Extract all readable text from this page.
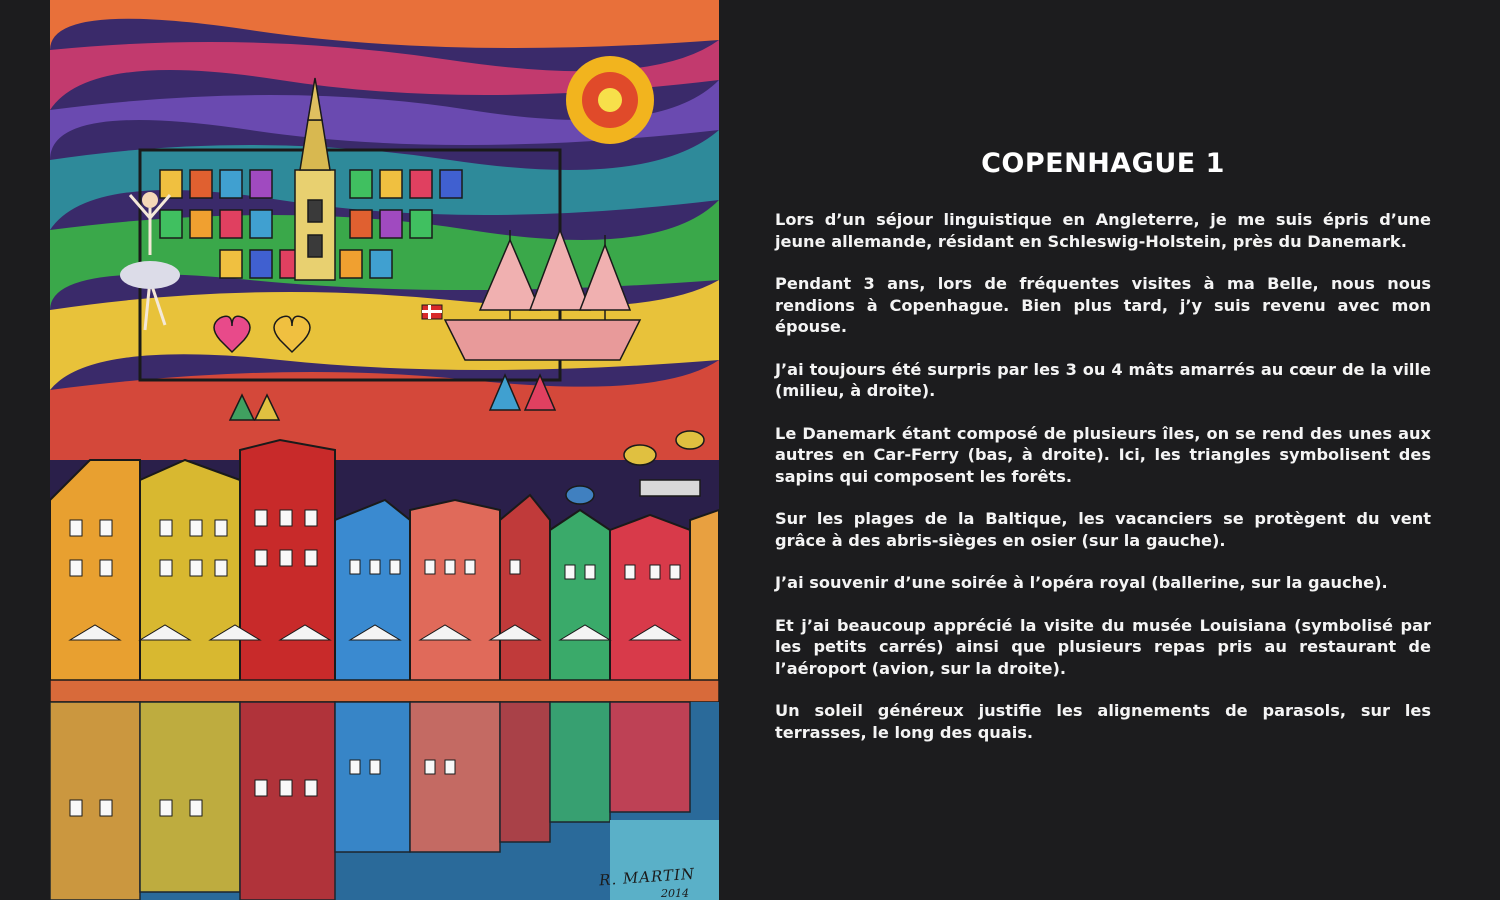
R. MARTIN
2014
COPENHAGUE 1

Lors d’un séjour linguistique en Angleterre, je me suis épris d’une jeune allemande, résidant en Schleswig-Holstein, près du Danemark.

Pendant 3 ans, lors de fréquentes visites à ma Belle, nous nous rendions à Copenhague. Bien plus tard, j’y suis revenu avec mon épouse.

J’ai toujours été surpris par les 3 ou 4 mâts amarrés au cœur de la ville (milieu, à droite).

Le Danemark étant composé de plusieurs îles, on se rend des unes aux autres en Car-Ferry (bas, à droite). Ici, les triangles symbolisent des sapins qui composent les forêts.

Sur les plages de la Baltique, les vacanciers se protègent du vent grâce à des abris-sièges en osier (sur la gauche).

J’ai souvenir d’une soirée à l’opéra royal (ballerine, sur la gauche).

Et j’ai beaucoup apprécié la visite du musée Louisiana (symbolisé par les petits carrés) ainsi que plusieurs repas pris au restaurant de l’aéroport (avion, sur la droite).

Un soleil généreux justifie les alignements de parasols, sur les terrasses, le long des quais.
